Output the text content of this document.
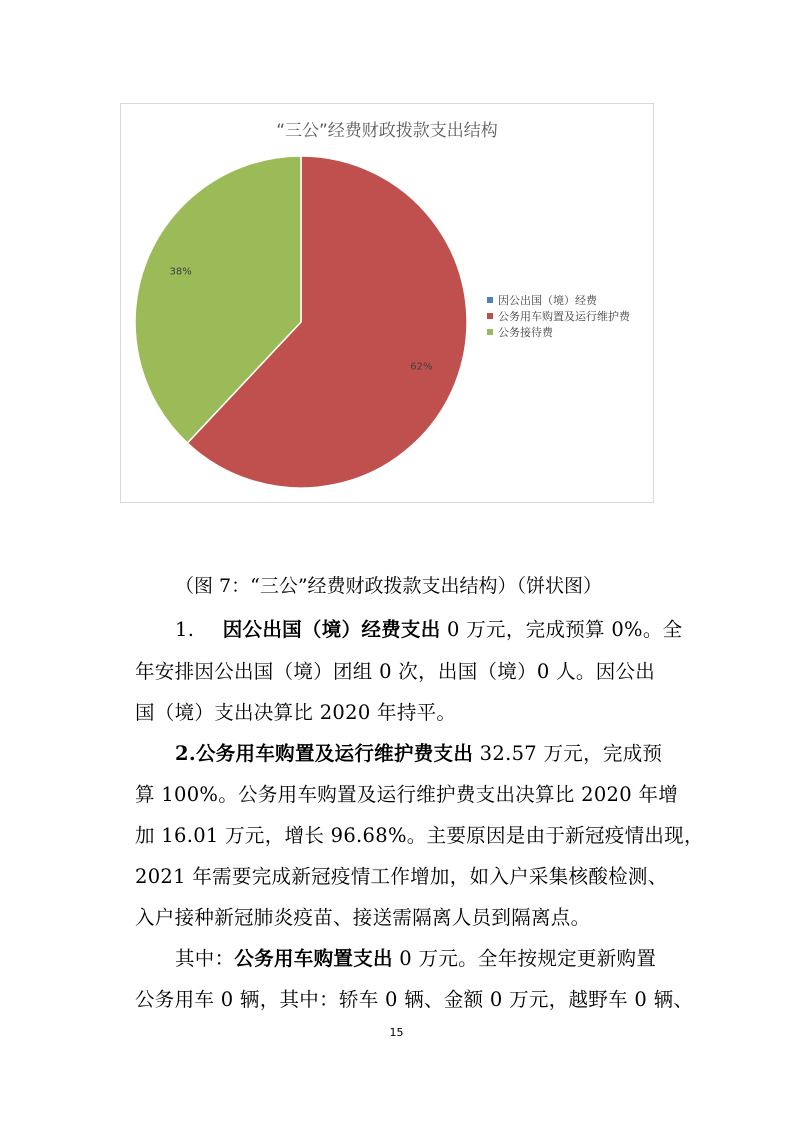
“三公”经费财政拨款支出结构
62%
38%
因公出国（境）经费
公务用车购置及运行维护费
公务接待费
（图 7：“三公”经费财政拨款支出结构）（饼状图）
1. 因公出国（境）经费支出 0 万元，完成预算 0%。全
年安排因公出国（境）团组 0 次，出国（境）0 人。因公出
国（境）支出决算比 2020 年持平。
2.公务用车购置及运行维护费支出 32.57 万元，完成预
算 100%。公务用车购置及运行维护费支出决算比 2020 年增
加 16.01 万元，增长 96.68%。主要原因是由于新冠疫情出现，
2021 年需要完成新冠疫情工作增加，如入户采集核酸检测、
入户接种新冠肺炎疫苗、接送需隔离人员到隔离点。
其中：公务用车购置支出 0 万元。全年按规定更新购置
公务用车 0 辆，其中：轿车 0 辆、金额 0 万元，越野车 0 辆、
15
